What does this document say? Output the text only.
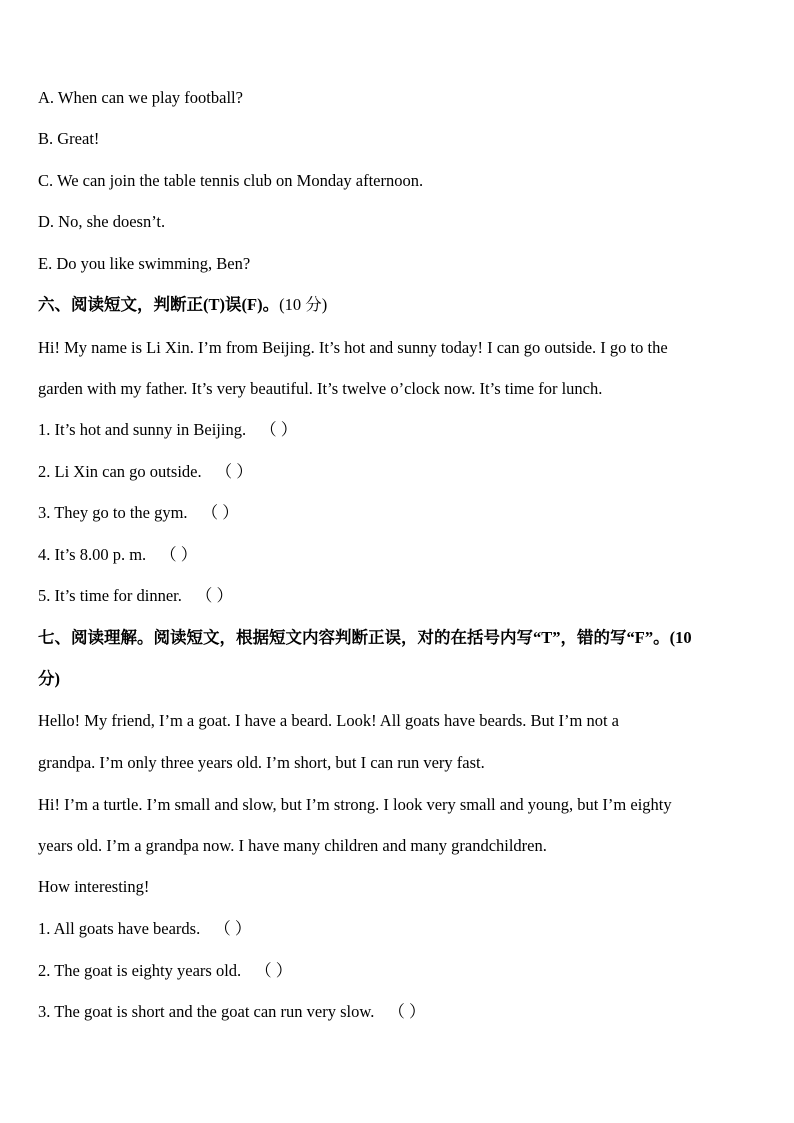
A. When can we play football?
B. Great!
C. We can join the table tennis club on Monday afternoon.
D. No, she doesn’t.
E. Do you like swimming, Ben?
六、阅读短文，判断正(T)误(F)。(10 分)
Hi! My name is Li Xin. I’m from Beijing. It’s hot and sunny today! I can go outside. I go to the
garden with my father. It’s very beautiful. It’s twelve o’clock now. It’s time for lunch.
1. It’s hot and sunny in Beijing. （ ）
2. Li Xin can go outside. （ ）
3. They go to the gym. （ ）
4. It’s 8.00 p. m. （ ）
5. It’s time for dinner. （ ）
七、阅读理解。阅读短文，根据短文内容判断正误，对的在括号内写“T”，错的写“F”。(10
分)
Hello! My friend, I’m a goat. I have a beard. Look! All goats have beards. But I’m not a
grandpa. I’m only three years old. I’m short, but I can run very fast.
Hi! I’m a turtle. I’m small and slow, but I’m strong. I look very small and young, but I’m eighty
years old. I’m a grandpa now. I have many children and many grandchildren.
How interesting!
1. All goats have beards. （ ）
2. The goat is eighty years old. （ ）
3. The goat is short and the goat can run very slow. （ ）
